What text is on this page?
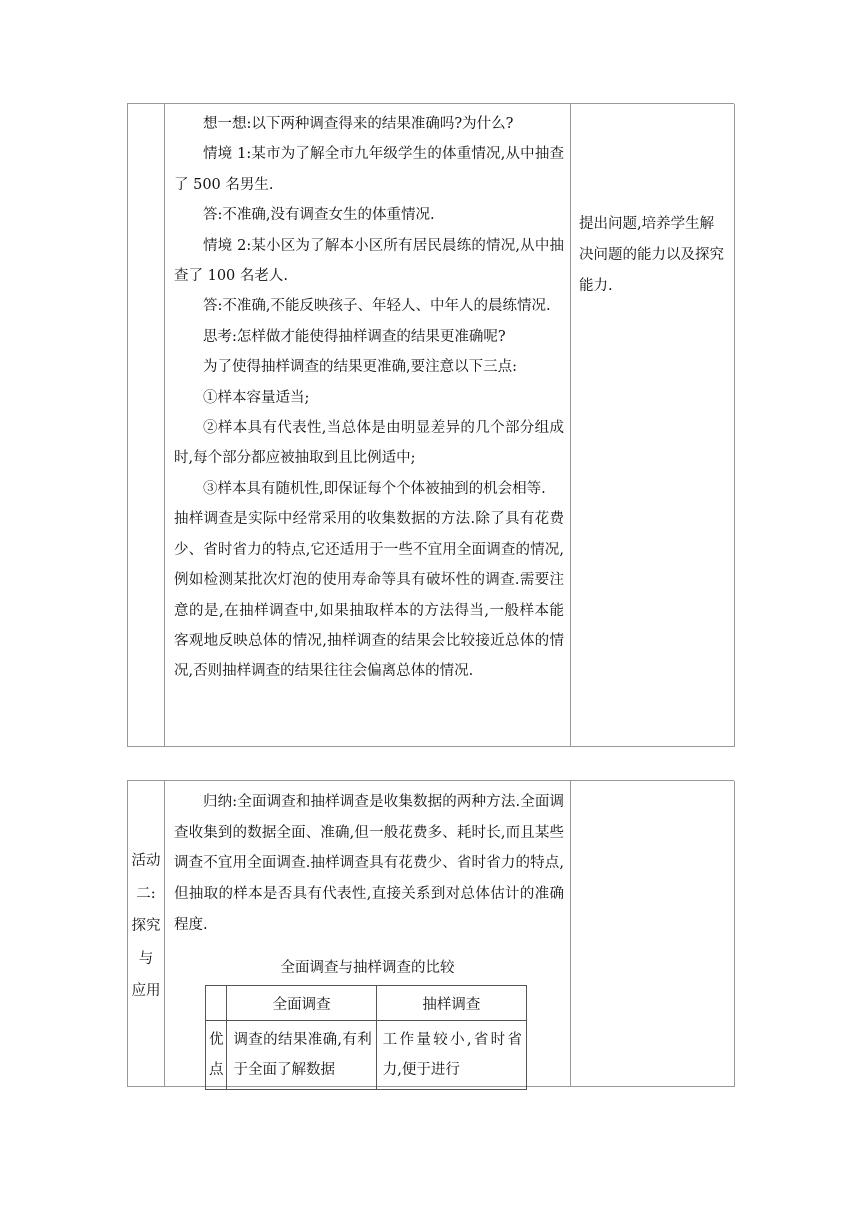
想一想:以下两种调查得来的结果准确吗?为什么?

情境 1:某市为了解全市九年级学生的体重情况,从中抽查了 500 名男生.

答:不准确,没有调查女生的体重情况.

情境 2:某小区为了解本小区所有居民晨练的情况,从中抽查了 100 名老人.

答:不准确,不能反映孩子、年轻人、中年人的晨练情况.

思考:怎样做才能使得抽样调查的结果更准确呢?

为了使得抽样调查的结果更准确,要注意以下三点:

①样本容量适当;

②样本具有代表性,当总体是由明显差异的几个部分组成时,每个部分都应被抽取到且比例适中;

③样本具有随机性,即保证每个个体被抽到的机会相等.

抽样调查是实际中经常采用的收集数据的方法.除了具有花费少、省时省力的特点,它还适用于一些不宜用全面调查的情况,例如检测某批次灯泡的使用寿命等具有破坏性的调查.需要注意的是,在抽样调查中,如果抽取样本的方法得当,一般样本能客观地反映总体的情况,抽样调查的结果会比较接近总体的情况,否则抽样调查的结果往往会偏离总体的情况.

提出问题,培养学生解决问题的能力以及探究能力.
活动
二:
探究
与
应用

归纳:全面调查和抽样调查是收集数据的两种方法.全面调查收集到的数据全面、准确,但一般花费多、耗时长,而且某些调查不宜用全面调查.抽样调查具有花费少、省时省力的特点,但抽取的样本是否具有代表性,直接关系到对总体估计的准确程度.

全面调查与抽样调查的比较
	全面调查	抽样调查
优点	调查的结果准确,有利于全面了解数据	工作量较小,省时省力,便于进行
